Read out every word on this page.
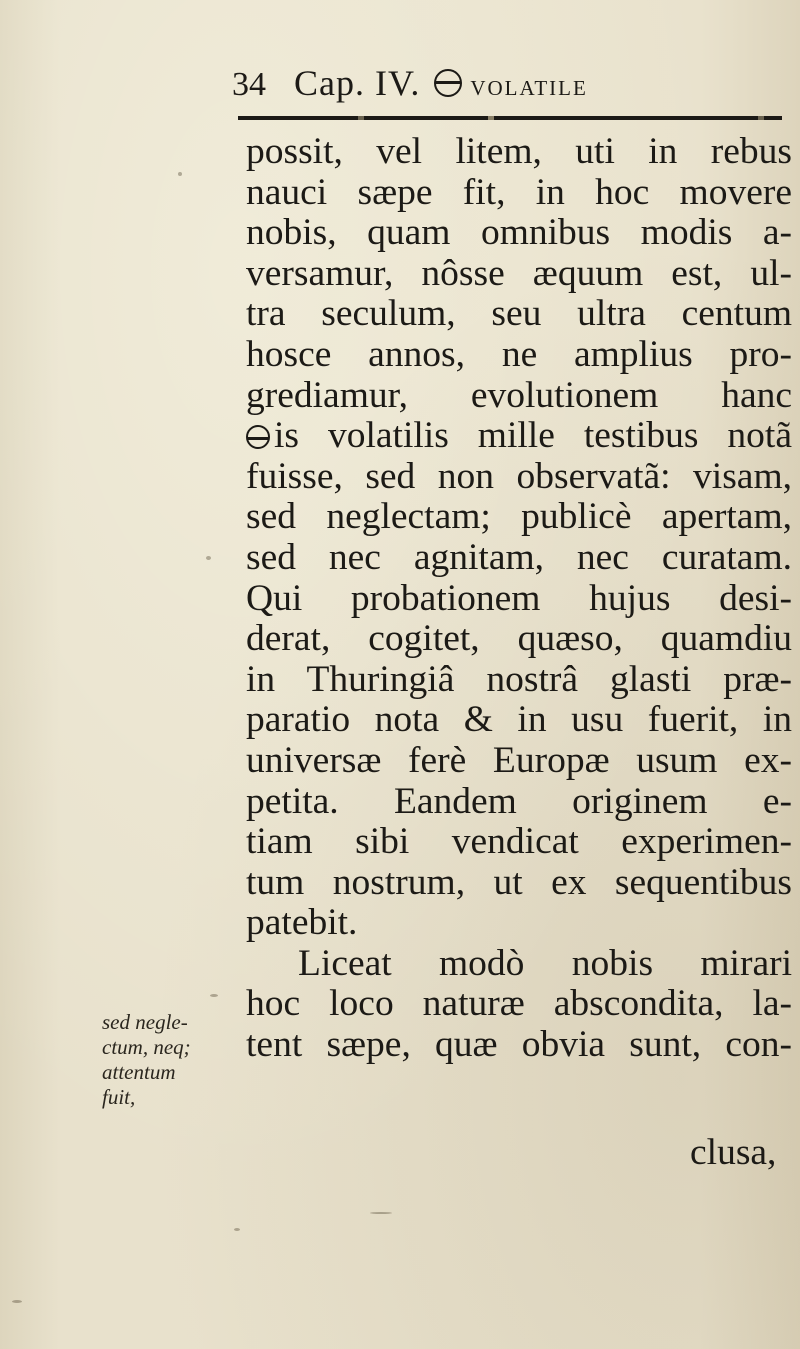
34 Cap. IV. volatile
possit, vel litem, uti in rebus
nauci sæpe fit, in hoc movere
nobis, quam omnibus modis a-
versamur, nôsse æquum est, ul-
tra seculum, seu ultra centum
hosce annos, ne amplius pro-
grediamur, evolutionem hanc
is volatilis mille testibus notã
fuisse, sed non observatã: visam,
sed neglectam; publicè apertam,
sed nec agnitam, nec curatam.
Qui probationem hujus desi-
derat, cogitet, quæso, quamdiu
in Thuringiâ nostrâ glasti præ-
paratio nota & in usu fuerit, in
universæ ferè Europæ usum ex-
petita. Eandem originem e-
tiam sibi vendicat experimen-
tum nostrum, ut ex sequentibus
patebit.
Liceat modò nobis mirari
hoc loco naturæ abscondita, la-
tent sæpe, quæ obvia sunt, con-
clusa,
sed negle-
ctum, neq;
attentum
fuit,
